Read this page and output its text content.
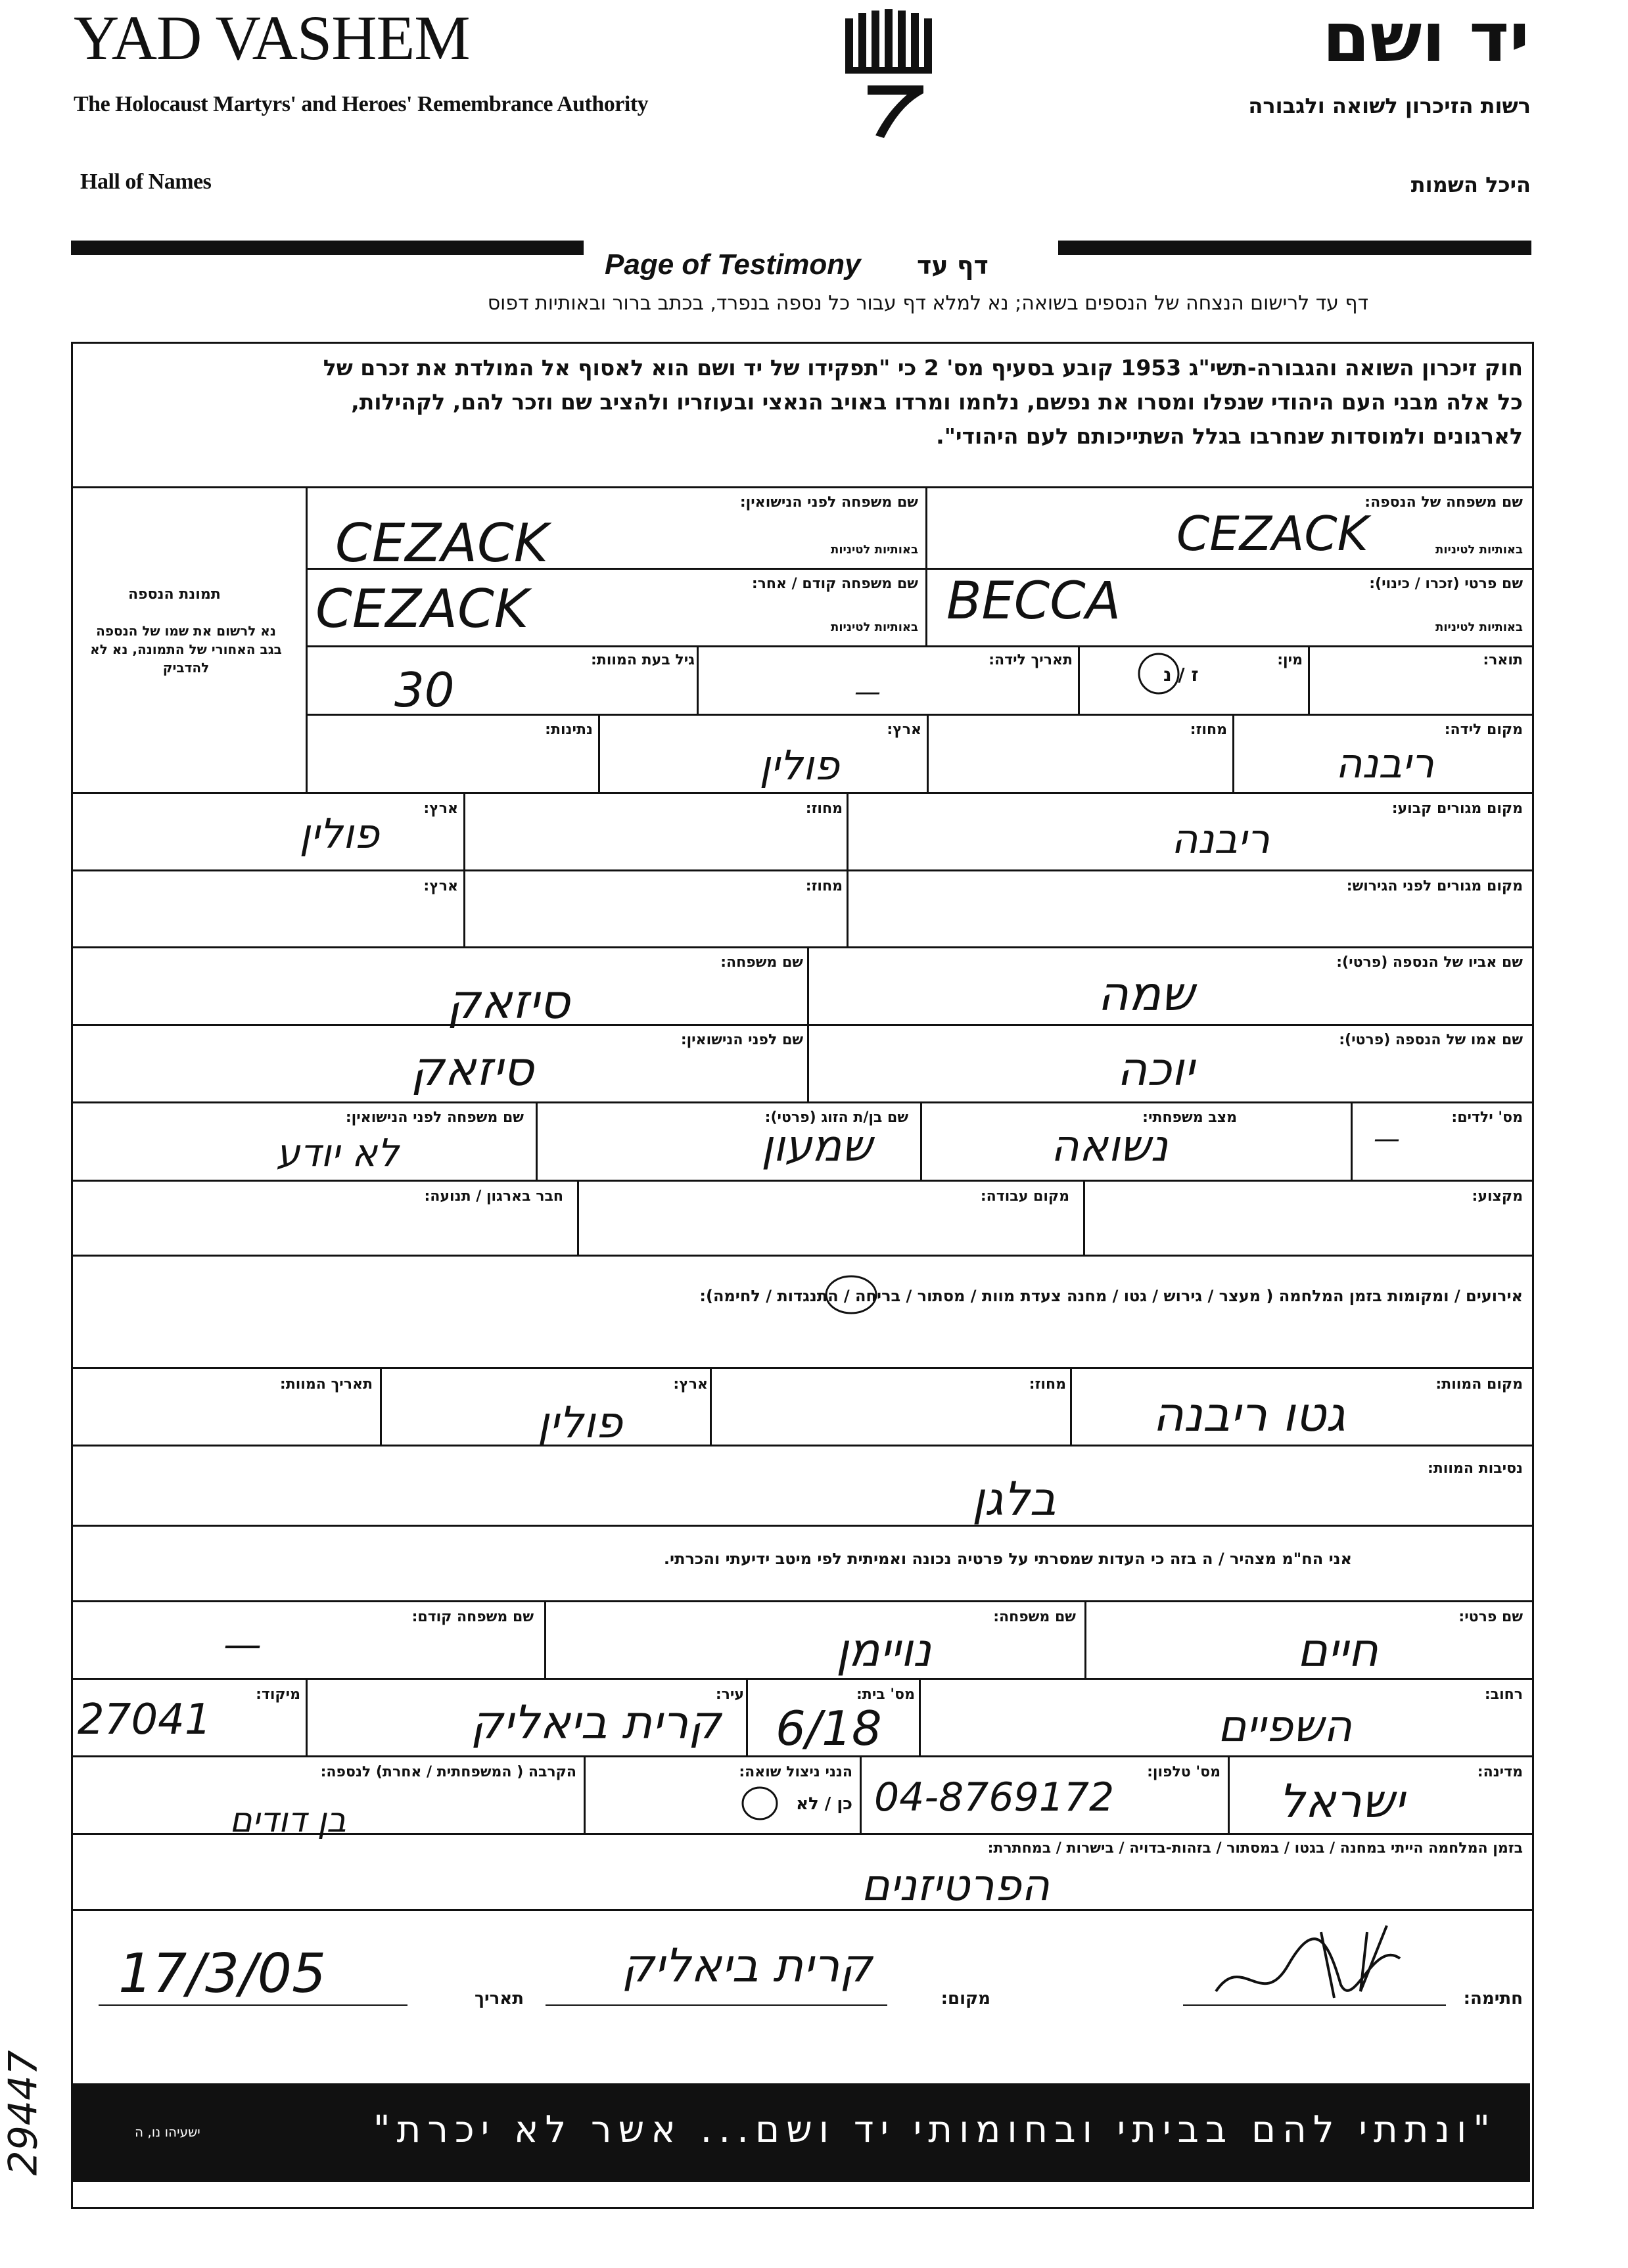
YAD VASHEM
The Holocaust Martyrs' and Heroes' Remembrance Authority
Hall of Names
יד ושם
רשות הזיכרון לשואה ולגבורה
היכל השמות
Page of Testimony דף עד
דף עד לרישום הנצחה של הנספים בשואה; נא למלא דף עבור כל נספה בנפרד, בכתב ברור ובאותיות דפוס
חוק זיכרון השואה והגבורה-תשי"ג 1953 קובע בסעיף מס' 2 כי "תפקידו של יד ושם הוא לאסוף אל המולדת את זכרם של
כל אלה מבני העם היהודי שנפלו ומסרו את נפשם, נלחמו ומרדו באויב הנאצי ובעוזריו ולהציב שם וזכר להם, לקהילות,
לארגונים ולמוסדות שנחרבו בגלל השתייכותם לעם היהודי".
תמונת הנספה
נא לרשום את שמו של הנספה בגב האחורי של התמונה, נא לא להדביק
שם משפחה של הנספה:
באותיות לטיניות
CEZACK
שם משפחה לפני הנישואין:
באותיות לטיניות
CEZACK
שם פרטי (זכרו / כינוי):
באותיות לטיניות
BECCA
שם משפחה קודם / אחר:
באותיות לטיניות
CEZACK
תואר:
מין:
ז / נ
תאריך לידה:
—
גיל בעת המוות:
30
מקום לידה:
ריבנה
מחוז:
ארץ:
פולין
נתינות:
מקום מגורים קבוע:
ריבנה
מחוז:
ארץ:
פולין
מקום מגורים לפני הגירוש:
מחוז:
ארץ:
שם אביו של הנספה (פרטי):
שמה
שם משפחה:
סיזאק
שם אמו של הנספה (פרטי):
יוכה
שם לפני הנישואין:
סיזאק
מס' ילדים:
—
מצב משפחתי:
נשואה
שם בן/ת הזוג (פרטי):
שמעון
שם משפחה לפני הנישואין:
לא יודע
מקצוע:
מקום עבודה:
חבר בארגון / תנועה:
אירועים / ומקומות בזמן המלחמה ( מעצר / גירוש / גטו / מחנה צעדת מוות / מסתור / בריחה / התנגדות / לחימה):
מקום המוות:
גטו ריבנה
מחוז:
ארץ:
פולין
תאריך המוות:
נסיבות המוות:
בלגן
אני הח"מ מצהיר / ה בזה כי העדות שמסרתי על פרטיה נכונה ואמיתית לפי מיטב ידיעתי והכרתי.
שם פרטי:
חיים
שם משפחה:
נויימן
שם משפחה קודם:
—
רחוב:
השפיים
מס' בית:
6/18
עיר:
קרית ביאליק
מיקוד:
27041
מדינה:
ישראל
מס' טלפון:
04-8769172
הנני ניצול שואה:
כן / לא
הקרבה ( המשפחתית / אחרת) לנספה:
בן דודים
בזמן המלחמה הייתי במחנה / בגטו / במסתור / בזהות-בדויה / בישרות / במחתרת:
הפרטיזנים
חתימה:
מקום:
קרית ביאליק
תאריך
17/3/05
"ונתתי להם בביתי ובחומותי יד ושם... אשר לא יכרת"
ישעיהו נו, ה
29447
